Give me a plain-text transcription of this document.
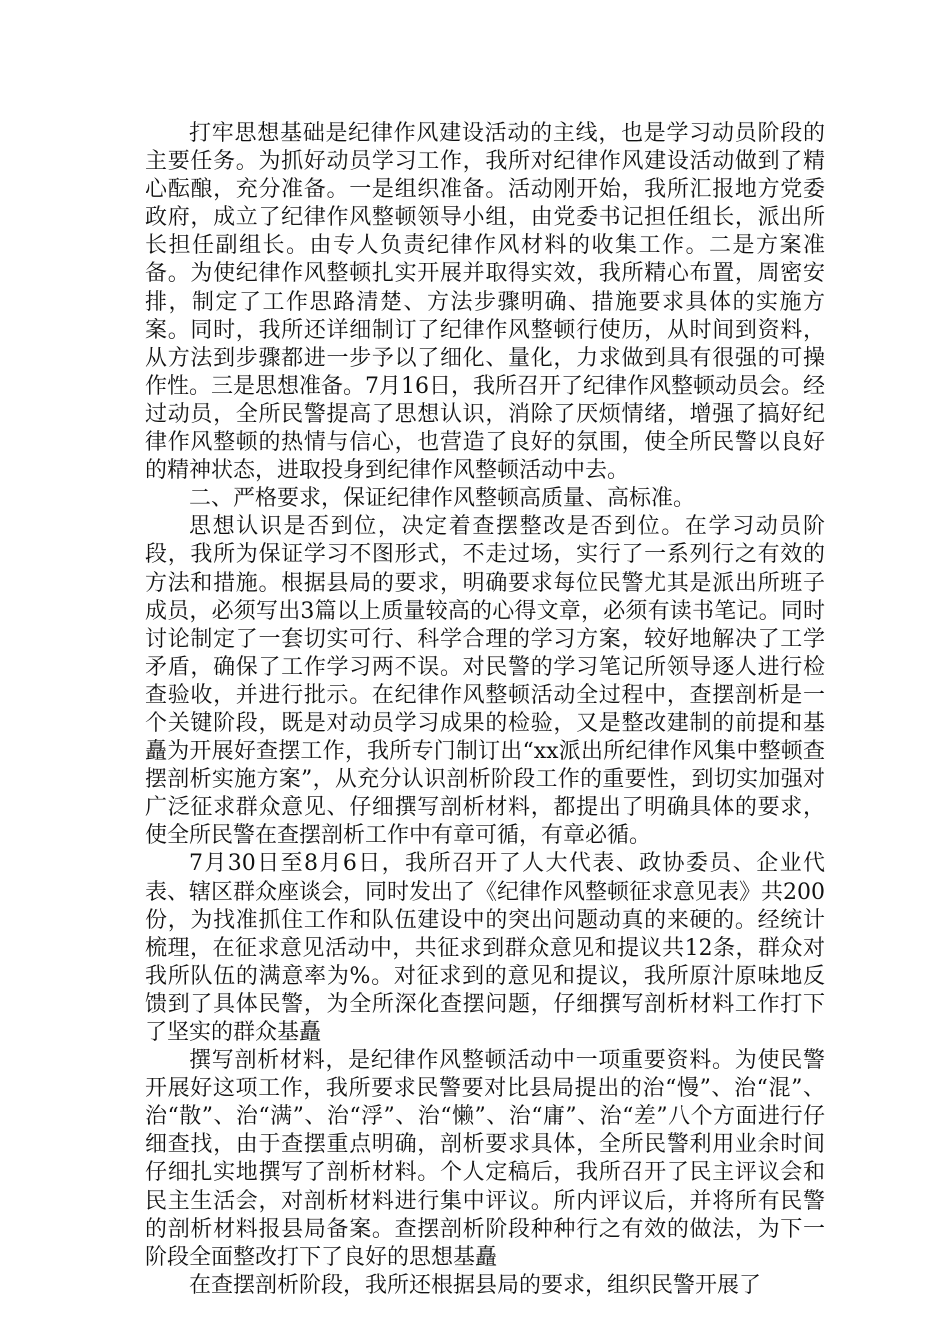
打牢思想基础是纪律作风建设活动的主线，也是学习动员阶段的主要任务。为抓好动员学习工作，我所对纪律作风建设活动做到了精心酝酿，充分准备。一是组织准备。活动刚开始，我所汇报地方党委政府，成立了纪律作风整顿领导小组，由党委书记担任组长，派出所长担任副组长。由专人负责纪律作风材料的收集工作。二是方案准备。为使纪律作风整顿扎实开展并取得实效，我所精心布置，周密安排，制定了工作思路清楚、方法步骤明确、措施要求具体的实施方案。同时，我所还详细制订了纪律作风整顿行使历，从时间到资料，从方法到步骤都进一步予以了细化、量化，力求做到具有很强的可操作性。三是思想准备。7月16日，我所召开了纪律作风整顿动员会。经过动员，全所民警提高了思想认识，消除了厌烦情绪，增强了搞好纪律作风整顿的热情与信心，也营造了良好的氛围，使全所民警以良好的精神状态，进取投身到纪律作风整顿活动中去。

二、严格要求，保证纪律作风整顿高质量、高标准。

思想认识是否到位，决定着查摆整改是否到位。在学习动员阶段，我所为保证学习不图形式，不走过场，实行了一系列行之有效的方法和措施。根据县局的要求，明确要求每位民警尤其是派出所班子成员，必须写出3篇以上质量较高的心得文章，必须有读书笔记。同时讨论制定了一套切实可行、科学合理的学习方案，较好地解决了工学矛盾，确保了工作学习两不误。对民警的学习笔记所领导逐人进行检查验收，并进行批示。在纪律作风整顿活动全过程中，查摆剖析是一个关键阶段，既是对动员学习成果的检验，又是整改建制的前提和基矗为开展好查摆工作，我所专门制订出“xx派出所纪律作风集中整顿查摆剖析实施方案”，从充分认识剖析阶段工作的重要性，到切实加强对广泛征求群众意见、仔细撰写剖析材料，都提出了明确具体的要求，使全所民警在查摆剖析工作中有章可循，有章必循。

7月30日至8月6日，我所召开了人大代表、政协委员、企业代表、辖区群众座谈会，同时发出了《纪律作风整顿征求意见表》共200份，为找准抓住工作和队伍建设中的突出问题动真的来硬的。经统计梳理，在征求意见活动中，共征求到群众意见和提议共12条，群众对我所队伍的满意率为%。对征求到的意见和提议，我所原汁原味地反馈到了具体民警，为全所深化查摆问题，仔细撰写剖析材料工作打下了坚实的群众基矗

撰写剖析材料，是纪律作风整顿活动中一项重要资料。为使民警开展好这项工作，我所要求民警要对比县局提出的治“慢”、治“混”、治“散”、治“满”、治“浮”、治“懒”、治“庸”、治“差”八个方面进行仔细查找，由于查摆重点明确，剖析要求具体，全所民警利用业余时间仔细扎实地撰写了剖析材料。个人定稿后，我所召开了民主评议会和民主生活会，对剖析材料进行集中评议。所内评议后，并将所有民警的剖析材料报县局备案。查摆剖析阶段种种行之有效的做法，为下一阶段全面整改打下了良好的思想基矗

在查摆剖析阶段，我所还根据县局的要求，组织民警开展了
